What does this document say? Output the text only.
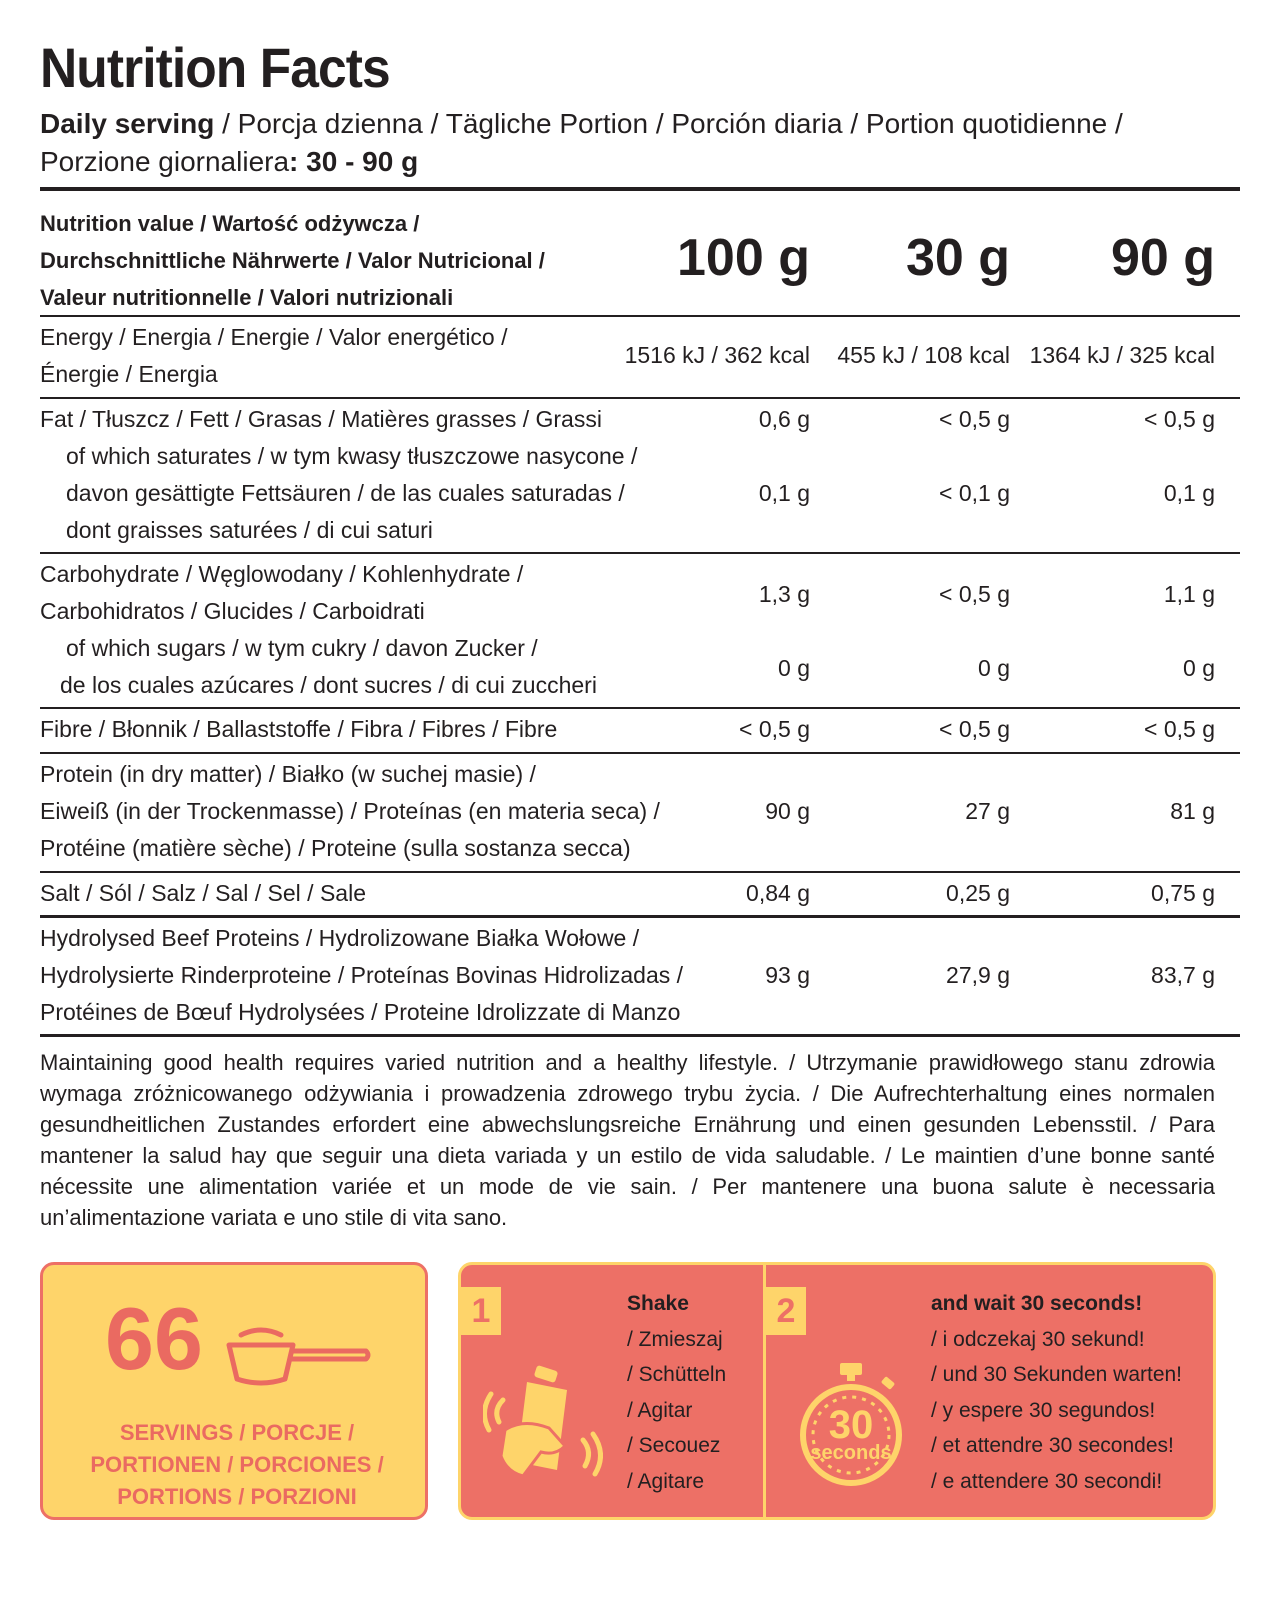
Nutrition Facts
Daily serving / Porcja dzienna / Tägliche Portion / Porción diaria / Portion quotidienne / Porzione giornaliera: 30 - 90 g
Nutrition value / Wartość odżywcza /
Durchschnittliche Nährwerte / Valor Nutricional /
Valeur nutritionnelle / Valori nutrizionali
100 g 30 g 90 g
Energy / Energia / Energie / Valor energético /
Énergie / Energia
1516 kJ / 362 kcal 455 kJ / 108 kcal 1364 kJ / 325 kcal
Fat / Tłuszcz / Fett / Grasas / Matières grasses / Grassi	0,6 g	< 0,5 g	< 0,5 g
of which saturates / w tym kwasy tłuszczowe nasycone /
davon gesättigte Fettsäuren / de las cuales saturadas /
dont graisses saturées / di cui saturi
0,1 g	< 0,1 g	0,1 g
Carbohydrate / Węglowodany / Kohlenhydrate /
Carbohidratos / Glucides / Carboidrati
1,3 g	< 0,5 g	1,1 g
of which sugars / w tym cukry / davon Zucker /
de los cuales azúcares / dont sucres / di cui zuccheri
0 g	0 g	0 g
Fibre / Błonnik / Ballaststoffe / Fibra / Fibres / Fibre	< 0,5 g	< 0,5 g	< 0,5 g
Protein (in dry matter) / Białko (w suchej masie) /
Eiweiß (in der Trockenmasse) / Proteínas (en materia seca) /
Protéine (matière sèche) / Proteine (sulla sostanza secca)
90 g	27 g	81 g
Salt / Sól / Salz / Sal / Sel / Sale	0,84 g	0,25 g	0,75 g
Hydrolysed Beef Proteins / Hydrolizowane Białka Wołowe /
Hydrolysierte Rinderproteine / Proteínas Bovinas Hidrolizadas /
Protéines de Bœuf Hydrolysées / Proteine Idrolizzate di Manzo
93 g	27,9 g	83,7 g

Maintaining good health requires varied nutrition and a healthy lifestyle. / Utrzymanie prawidłowego stanu zdrowia wymaga zróżnicowanego odżywiania i prowadzenia zdrowego trybu życia. / Die Aufrechterhaltung eines normalen gesundheitlichen Zustandes erfordert eine abwechslungsreiche Ernährung und einen gesunden Lebensstil. / Para mantener la salud hay que seguir una dieta variada y un estilo de vida saludable. / Le maintien d’une bonne santé nécessite une alimentation variée et un mode de vie sain. / Per mantenere una buona salute è necessaria un’alimentazione variata e uno stile di vita sano.

66
SERVINGS / PORCJE /
PORTIONEN / PORCIONES /
PORTIONS / PORZIONI
1	Shake
/ Zmieszaj
/ Schütteln
/ Agitar
/ Secouez
/ Agitare
2
30
seconds
and wait 30 seconds!
/ i odczekaj 30 sekund!
/ und 30 Sekunden warten!
/ y espere 30 segundos!
/ et attendre 30 secondes!
/ e attendere 30 secondi!
